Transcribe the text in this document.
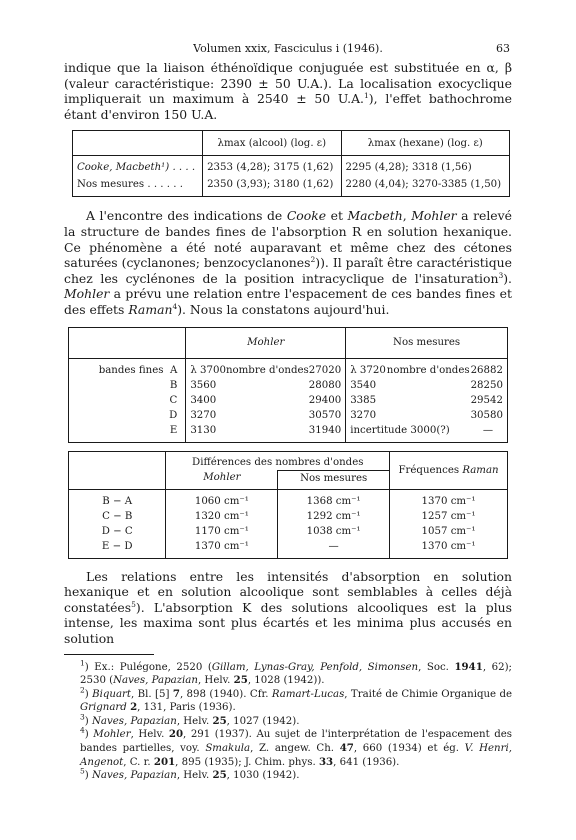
Volumen xxix, Fasciculus i (1946).	63

indique que la liaison éthénoïdique conjuguée est substituée en α, β (valeur caractéristique: 2390 ± 50 U.A.). La localisation exocyclique impliquerait un maximum à 2540 ± 50 U.A.$^1$), l'effet bathochrome étant d'environ 150 U.A.

	λmax (alcool) (log. ε)	λmax (hexane) (log. ε)
Cooke, Macbeth¹) . . . .	2353 (4,28); 3175 (1,62)	2295 (4,28); 3318 (1,56)
Nos mesures . . . . . .	2350 (3,93); 3180 (1,62)	2280 (4,04); 3270-3385 (1,50)

A l'encontre des indications de Cooke et Macbeth, Mohler a relevé la structure de bandes fines de l'absorption R en solution hexanique. Ce phénomène a été noté auparavant et même chez des cétones saturées (cyclanones; benzocyclanones$^2$)). Il paraît être caractéristique chez les cyclénones de la position intracyclique de l'insaturation$^3$). Mohler a prévu une relation entre l'espacement de ces bandes fines et des effets Raman$^4$). Nous la constatons aujourd'hui.

	Mohler	Nos mesures
bandes fines A	λ 3700 nombre d'ondes 27020	λ 3720 nombre d'ondes 26882

B	3560 28080	3540 28250

C	3400 29400	3385 29542

D	3270 30570	3270 30580

E	3130 31940	incertitude 3000(?) —
	Différences des nombres d'ondes		Fréquences Raman
	Mohler	Nos mesures	
B − A	1060 cm⁻¹	1368 cm⁻¹	1370 cm⁻¹
C − B	1320 cm⁻¹	1292 cm⁻¹	1257 cm⁻¹
D − C	1170 cm⁻¹	1038 cm⁻¹	1057 cm⁻¹
E − D	1370 cm⁻¹	—	1370 cm⁻¹

Les relations entre les intensités d'absorption en solution hexanique et en solution alcoolique sont semblables à celles déjà constatées$^5$). L'absorption K des solutions alcooliques est la plus intense, les maxima sont plus écartés et les minima plus accusés en solution

$^1$) Ex.: Pulégone, 2520 (Gillam, Lynas-Gray, Penfold, Simonsen, Soc. 1941, 62); 2530 (Naves, Papazian, Helv. 25, 1028 (1942)).
$^2$) Biquart, Bl. [5] 7, 898 (1940). Cfr. Ramart-Lucas, Traité de Chimie Organique de Grignard 2, 131, Paris (1936).
$^3$) Naves, Papazian, Helv. 25, 1027 (1942).
$^4$) Mohler, Helv. 20, 291 (1937). Au sujet de l'interprétation de l'espacement des bandes partielles, voy. Smakula, Z. angew. Ch. 47, 660 (1934) et ég. V. Henri, Angenot, C. r. 201, 895 (1935); J. Chim. phys. 33, 641 (1936).
$^5$) Naves, Papazian, Helv. 25, 1030 (1942).
